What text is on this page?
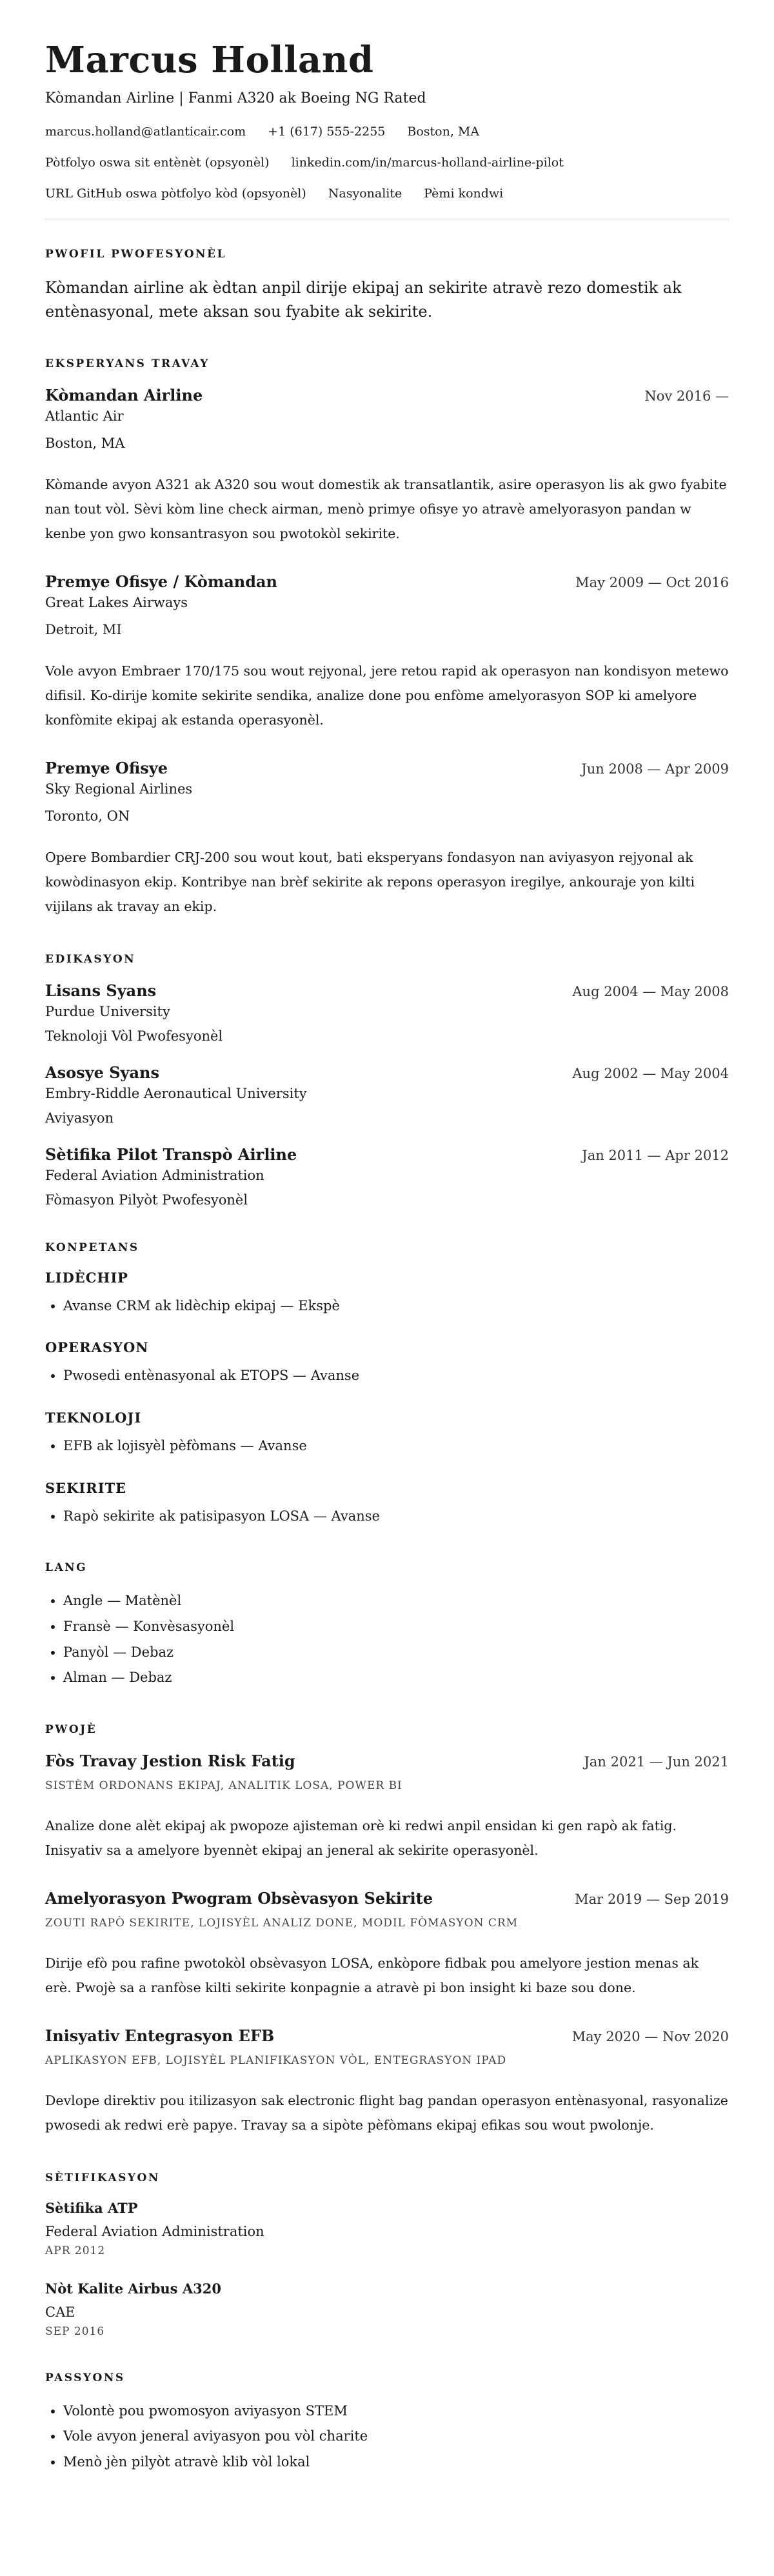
Marcus Holland
Kòmandan Airline | Fanmi A320 ak Boeing NG Rated
marcus.holland@atlanticair.com +1 (617) 555-2255 Boston, MA
Pòtfolyo oswa sit entènèt (opsyonèl) linkedin.com/in/marcus-holland-airline-pilot
URL GitHub oswa pòtfolyo kòd (opsyonèl) Nasyonalite Pèmi kondwi
PWOFIL PWOFESYONÈL

Kòmandan airline ak èdtan anpil dirije ekipaj an sekirite atravè rezo domestik ak entènasyonal, mete aksan sou fyabite ak sekirite.

EKSPERYANS TRAVAY
Kòmandan Airline	Nov 2016 —
Atlantic Air
Boston, MA
Kòmande avyon A321 ak A320 sou wout domestik ak transatlantik, asire operasyon lis ak gwo fyabite nan tout vòl. Sèvi kòm line check airman, menò primye ofisye yo atravè amelyorasyon pandan w kenbe yon gwo konsantrasyon sou pwotokòl sekirite.
Premye Ofisye / Kòmandan	May 2009 — Oct 2016
Great Lakes Airways
Detroit, MI
Vole avyon Embraer 170/175 sou wout rejyonal, jere retou rapid ak operasyon nan kondisyon metewo difisil. Ko-dirije komite sekirite sendika, analize done pou enfòme amelyorasyon SOP ki amelyore konfòmite ekipaj ak estanda operasyonèl.
Premye Ofisye	Jun 2008 — Apr 2009
Sky Regional Airlines
Toronto, ON
Opere Bombardier CRJ-200 sou wout kout, bati eksperyans fondasyon nan aviyasyon rejyonal ak kowòdinasyon ekip. Kontribye nan brèf sekirite ak repons operasyon iregilye, ankouraje yon kilti vijilans ak travay an ekip.
EDIKASYON
Lisans Syans	Aug 2004 — May 2008
Purdue University
Teknoloji Vòl Pwofesyonèl
Asosye Syans	Aug 2002 — May 2004
Embry-Riddle Aeronautical University
Aviyasyon
Sètifika Pilot Transpò Airline	Jan 2011 — Apr 2012
Federal Aviation Administration
Fòmasyon Pilyòt Pwofesyonèl
KONPETANS
LIDÈCHIP
• Avanse CRM ak lidèchip ekipaj — Ekspè
OPERASYON
• Pwosedi entènasyonal ak ETOPS — Avanse
TEKNOLOJI
• EFB ak lojisyèl pèfòmans — Avanse
SEKIRITE
• Rapò sekirite ak patisipasyon LOSA — Avanse
LANG
• Angle — Matènèl
• Fransè — Konvèsasyonèl
• Panyòl — Debaz
• Alman — Debaz
PWOJÈ
Fòs Travay Jestion Risk Fatig	Jan 2021 — Jun 2021
SISTÈM ORDONANS EKIPAJ, ANALITIK LOSA, POWER BI
Analize done alèt ekipaj ak pwopoze ajisteman orè ki redwi anpil ensidan ki gen rapò ak fatig. Inisyativ sa a amelyore byennèt ekipaj an jeneral ak sekirite operasyonèl.
Amelyorasyon Pwogram Obsèvasyon Sekirite	Mar 2019 — Sep 2019
ZOUTI RAPÒ SEKIRITE, LOJISYÈL ANALIZ DONE, MODIL FÒMASYON CRM
Dirije efò pou rafine pwotokòl obsèvasyon LOSA, enkòpore fidbak pou amelyore jestion menas ak erè. Pwojè sa a ranfòse kilti sekirite konpagnie a atravè pi bon insight ki baze sou done.
Inisyativ Entegrasyon EFB	May 2020 — Nov 2020
APLIKASYON EFB, LOJISYÈL PLANIFIKASYON VÒL, ENTEGRASYON IPAD
Devlope direktiv pou itilizasyon sak electronic flight bag pandan operasyon entènasyonal, rasyonalize pwosedi ak redwi erè papye. Travay sa a sipòte pèfòmans ekipaj efikas sou wout pwolonje.
SÈTIFIKASYON
Sètifika ATP
Federal Aviation Administration
APR 2012
Nòt Kalite Airbus A320
CAE
SEP 2016
PASSYONS
• Volontè pou pwomosyon aviyasyon STEM
• Vole avyon jeneral aviyasyon pou vòl charite
• Menò jèn pilyòt atravè klib vòl lokal
